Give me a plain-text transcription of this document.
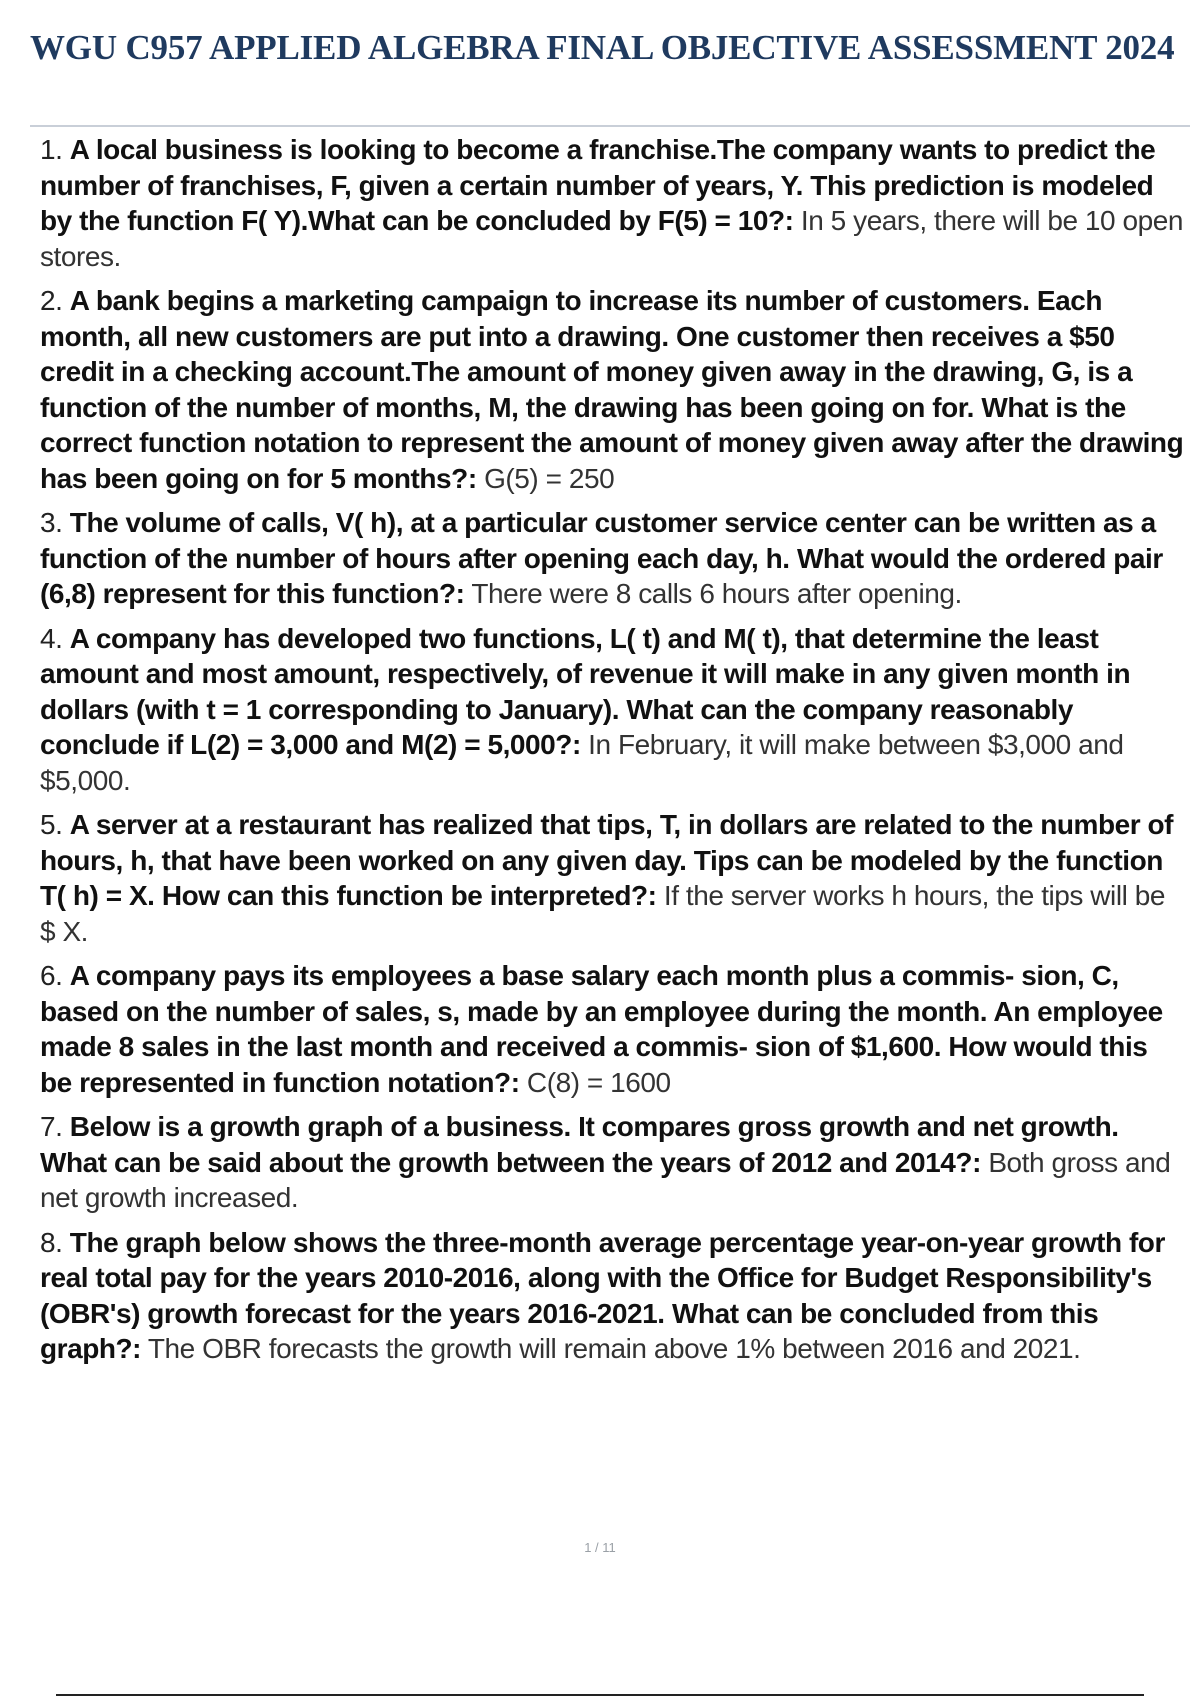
WGU C957 APPLIED ALGEBRA FINAL OBJECTIVE ASSESSMENT 2024
1. A local business is looking to become a franchise.The company wants to predict the number of franchises, F, given a certain number of years, Y. This prediction is modeled by the function F( Y).What can be concluded by F(5) = 10?: In 5 years, there will be 10 open stores.
2. A bank begins a marketing campaign to increase its number of customers. Each month, all new customers are put into a drawing. One customer then receives a $50 credit in a checking account.The amount of money given away in the drawing, G, is a function of the number of months, M, the drawing has been going on for. What is the correct function notation to represent the amount of money given away after the drawing has been going on for 5 months?: G(5) = 250
3. The volume of calls, V( h), at a particular customer service center can be written as a function of the number of hours after opening each day, h. What would the ordered pair (6,8) represent for this function?: There were 8 calls 6 hours after opening.
4. A company has developed two functions, L( t) and M( t), that determine the least amount and most amount, respectively, of revenue it will make in any given month in dollars (with t = 1 corresponding to January). What can the company reasonably conclude if L(2) = 3,000 and M(2) = 5,000?: In February, it will make between $3,000 and $5,000.
5. A server at a restaurant has realized that tips, T, in dollars are related to the number of hours, h, that have been worked on any given day. Tips can be modeled by the function T( h) = X. How can this function be interpreted?: If the server works h hours, the tips will be $ X.
6. A company pays its employees a base salary each month plus a commis- sion, C, based on the number of sales, s, made by an employee during the month. An employee made 8 sales in the last month and received a commis- sion of $1,600. How would this be represented in function notation?: C(8) = 1600
7. Below is a growth graph of a business. It compares gross growth and net growth. What can be said about the growth between the years of 2012 and 2014?: Both gross and net growth increased.
8. The graph below shows the three-month average percentage year-on-year growth for real total pay for the years 2010-2016, along with the Office for Budget Responsibility's (OBR's) growth forecast for the years 2016-2021. What can be concluded from this graph?: The OBR forecasts the growth will remain above 1% between 2016 and 2021.
1 / 11
